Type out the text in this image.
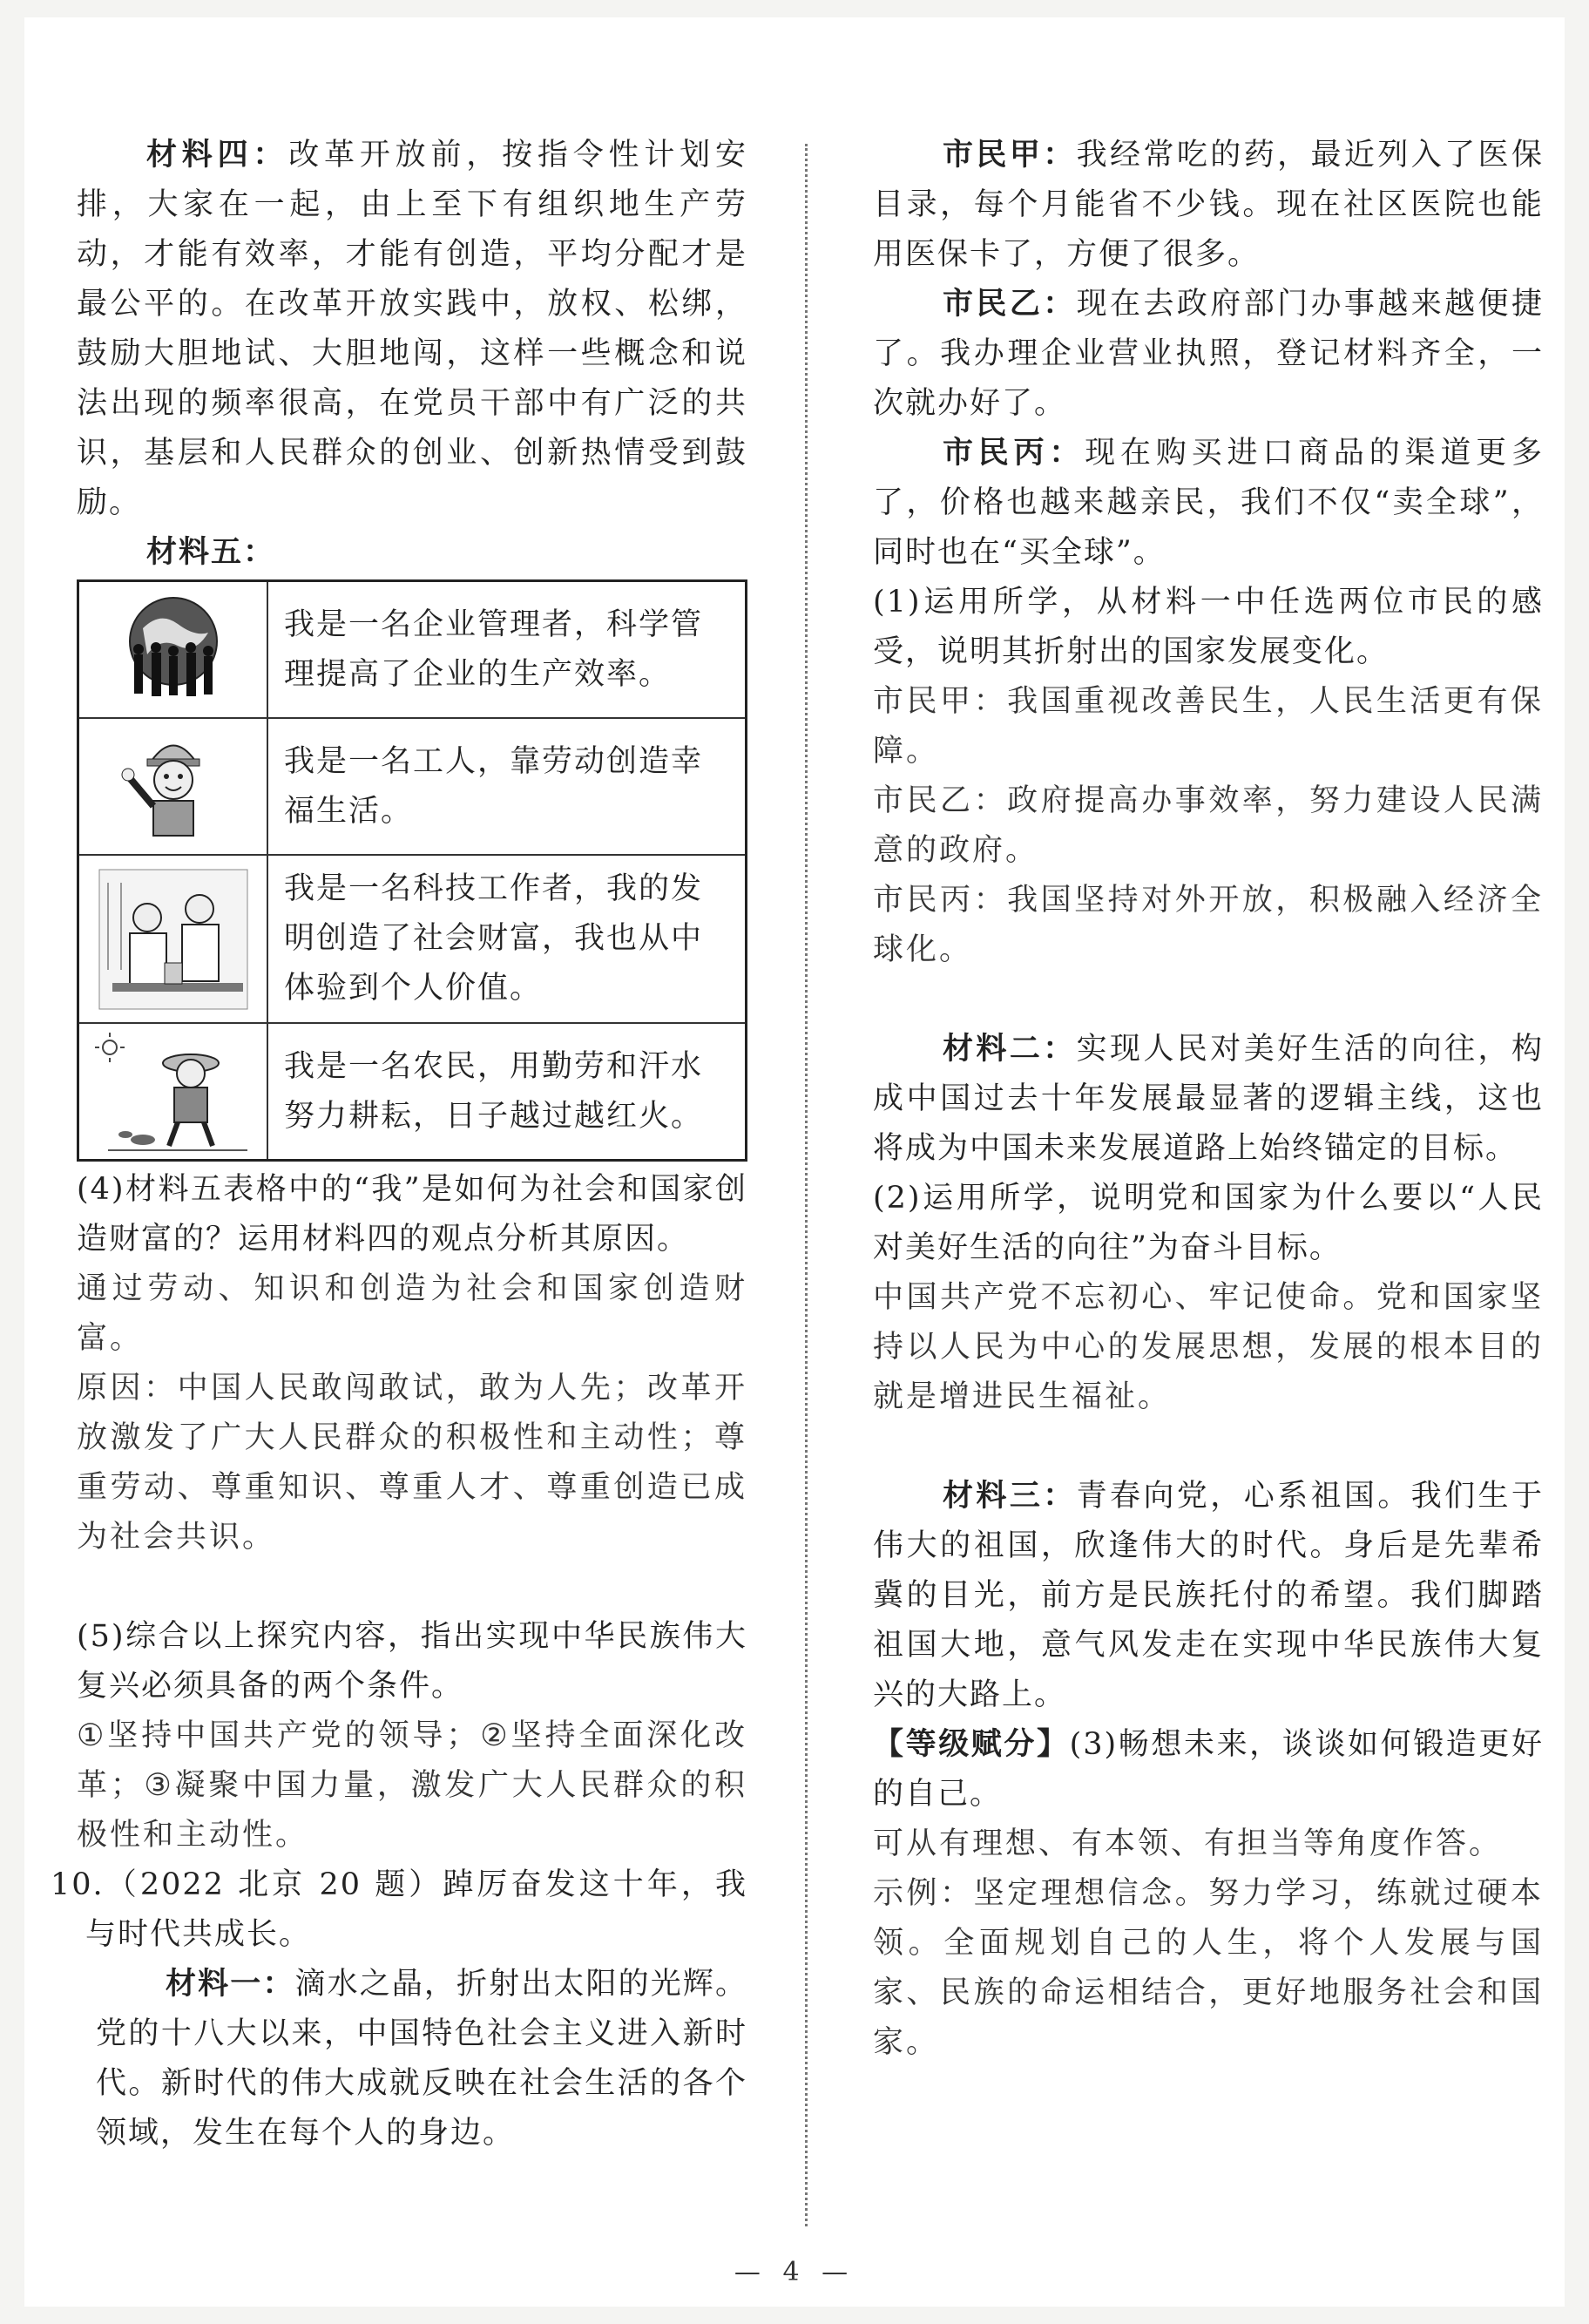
材料四：改革开放前，按指令性计划安排，大家在一起，由上至下有组织地生产劳动，才能有效率，才能有创造，平均分配才是最公平的。在改革开放实践中，放权、松绑，鼓励大胆地试、大胆地闯，这样一些概念和说法出现的频率很高，在党员干部中有广泛的共识，基层和人民群众的创业、创新热情受到鼓励。

材料五：

	我是一名企业管理者，科学管理提高了企业的生产效率。

	我是一名工人，靠劳动创造幸福生活。

	我是一名科技工作者，我的发明创造了社会财富，我也从中体验到个人价值。

	我是一名农民，用勤劳和汗水努力耕耘，日子越过越红火。

(4)材料五表格中的“我”是如何为社会和国家创造财富的？运用材料四的观点分析其原因。

通过劳动、知识和创造为社会和国家创造财富。

原因：中国人民敢闯敢试，敢为人先；改革开放激发了广大人民群众的积极性和主动性；尊重劳动、尊重知识、尊重人才、尊重创造已成为社会共识。

(5)综合以上探究内容，指出实现中华民族伟大复兴必须具备的两个条件。

①坚持中国共产党的领导；②坚持全面深化改革；③凝聚中国力量，激发广大人民群众的积极性和主动性。

10.（2022 北京 20 题）踔厉奋发这十年，我与时代共成长。

材料一：滴水之晶，折射出太阳的光辉。党的十八大以来，中国特色社会主义进入新时代。新时代的伟大成就反映在社会生活的各个领域，发生在每个人的身边。

市民甲：我经常吃的药，最近列入了医保目录，每个月能省不少钱。现在社区医院也能用医保卡了，方便了很多。

市民乙：现在去政府部门办事越来越便捷了。我办理企业营业执照，登记材料齐全，一次就办好了。

市民丙：现在购买进口商品的渠道更多了，价格也越来越亲民，我们不仅“卖全球”，同时也在“买全球”。

(1)运用所学，从材料一中任选两位市民的感受，说明其折射出的国家发展变化。

市民甲：我国重视改善民生，人民生活更有保障。

市民乙：政府提高办事效率，努力建设人民满意的政府。

市民丙：我国坚持对外开放，积极融入经济全球化。

材料二：实现人民对美好生活的向往，构成中国过去十年发展最显著的逻辑主线，这也将成为中国未来发展道路上始终锚定的目标。

(2)运用所学，说明党和国家为什么要以“人民对美好生活的向往”为奋斗目标。

中国共产党不忘初心、牢记使命。党和国家坚持以人民为中心的发展思想，发展的根本目的就是增进民生福祉。

材料三：青春向党，心系祖国。我们生于伟大的祖国，欣逢伟大的时代。身后是先辈希冀的目光，前方是民族托付的希望。我们脚踏祖国大地，意气风发走在实现中华民族伟大复兴的大路上。

【等级赋分】(3)畅想未来，谈谈如何锻造更好的自己。

可从有理想、有本领、有担当等角度作答。

示例：坚定理想信念。努力学习，练就过硬本领。全面规划自己的人生，将个人发展与国家、民族的命运相结合，更好地服务社会和国家。

— 4 —
